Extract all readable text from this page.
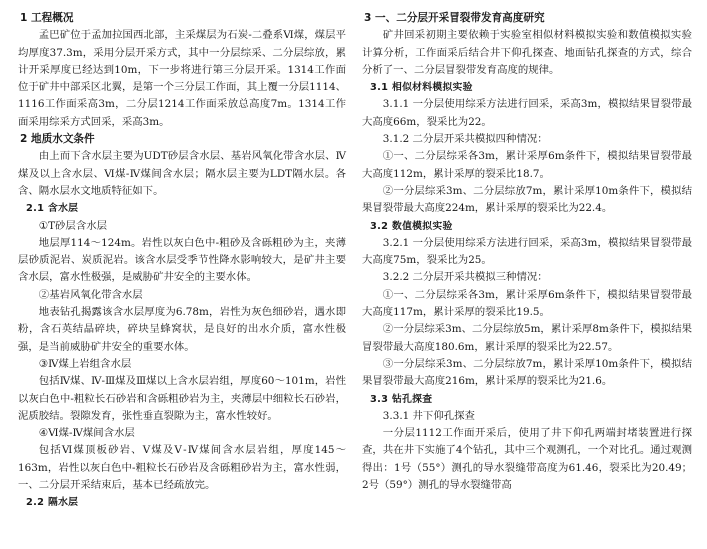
1 工程概况

孟巴矿位于孟加拉国西北部，主采煤层为石炭-二叠系Ⅵ煤，煤层平均厚度37.3m，采用分层开采方式，其中一分层综采、二分层综放，累计开采厚度已经达到10m，下一步将进行第三分层开采。1314工作面位于矿井中部采区北翼，是第一个三分层工作面，其上覆一分层1114、1116工作面采高3m，二分层1214工作面采放总高度7m。1314工作面采用综采方式回采，采高3m。

2 地质水文条件

由上而下含水层主要为UDT砂层含水层、基岩风氧化带含水层、Ⅳ煤及以上含水层、Ⅵ煤-Ⅳ煤间含水层；隔水层主要为LDT隔水层。各含、隔水层水文地质特征如下。

2.1 含水层

①T砂层含水层

地层厚114～124m。岩性以灰白色中-粗砂及含砾粗砂为主，夹薄层砂质泥岩、炭质泥岩。该含水层受季节性降水影响较大，是矿井主要含水层，富水性极强，是威胁矿井安全的主要水体。

②基岩风氧化带含水层

地表钻孔揭露该含水层厚度为6.78m，岩性为灰色细砂岩，遇水即粉，含石英结晶碎块，碎块呈蜂窝状，是良好的出水介质，富水性极强，是当前威胁矿井安全的重要水体。

③Ⅳ煤上岩组含水层

包括Ⅳ煤、Ⅳ-Ⅲ煤及Ⅲ煤以上含水层岩组，厚度60～101m，岩性以灰白色中-粗粒长石砂岩和含砾粗砂岩为主，夹薄层中细粒长石砂岩，泥质胶结。裂隙发育，张性垂直裂隙为主，富水性较好。

④Ⅵ煤-Ⅳ煤间含水层

包括Ⅵ煤顶板砂岩、Ⅴ煤及Ⅴ-Ⅳ煤间含水层岩组，厚度145～163m，岩性以灰白色中-粗粒长石砂岩及含砾粗砂岩为主，富水性弱，一、二分层开采结束后，基本已经疏放完。

2.2 隔水层

3 一、二分层开采冒裂带发育高度研究

矿井回采初期主要依赖于实验室相似材料模拟实验和数值模拟实验计算分析，工作面采后结合井下仰孔探查、地面钻孔探查的方式，综合分析了一、二分层冒裂带发育高度的规律。

3.1 相似材料模拟实验

3.1.1 一分层使用综采方法进行回采，采高3m，模拟结果冒裂带最大高度66m，裂采比为22。

3.1.2 二分层开采共模拟四种情况：

①一、二分层综采各3m，累计采厚6m条件下，模拟结果冒裂带最大高度112m，累计采厚的裂采比18.7。

②一分层综采3m、二分层综放7m，累计采厚10m条件下，模拟结果冒裂带最大高度224m，累计采厚的裂采比为22.4。

3.2 数值模拟实验

3.2.1 一分层使用综采方法进行回采，采高3m，模拟结果冒裂带最大高度75m，裂采比为25。

3.2.2 二分层开采共模拟三种情况：

①一、二分层综采各3m，累计采厚6m条件下，模拟结果冒裂带最大高度117m，累计采厚的裂采比19.5。

②一分层综采3m、二分层综放5m，累计采厚8m条件下，模拟结果冒裂带最大高度180.6m，累计采厚的裂采比为22.57。

③一分层综采3m、二分层综放7m，累计采厚10m条件下，模拟结果冒裂带最大高度216m，累计采厚的裂采比为21.6。

3.3 钻孔探查

3.3.1 井下仰孔探查

一分层1112工作面开采后，使用了井下仰孔两端封堵装置进行探查，共在井下实施了4个钻孔，其中三个观测孔，一个对比孔。通过观测得出：1号（55°）测孔的导水裂缝带高度为61.46，裂采比为20.49；2号（59°）测孔的导水裂缝带高
